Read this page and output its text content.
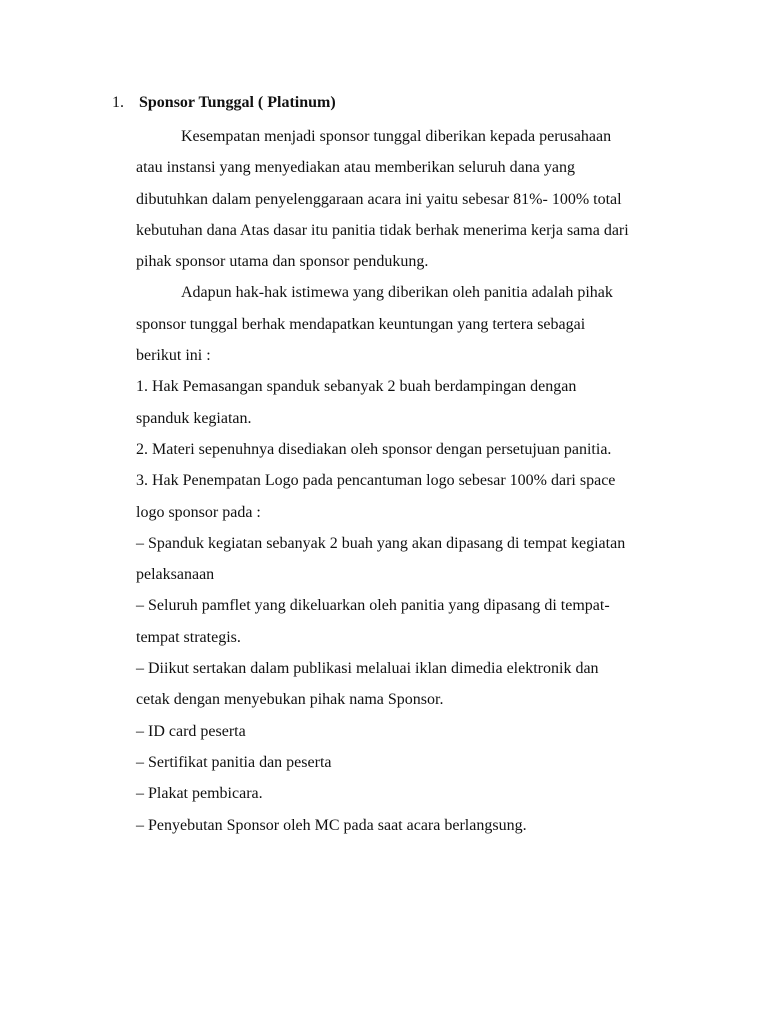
1. Sponsor Tunggal ( Platinum)
Kesempatan menjadi sponsor tunggal diberikan kepada perusahaan
atau instansi yang menyediakan atau memberikan seluruh dana yang
dibutuhkan dalam penyelenggaraan acara ini yaitu sebesar 81%- 100% total
kebutuhan dana Atas dasar itu panitia tidak berhak menerima kerja sama dari
pihak sponsor utama dan sponsor pendukung.
Adapun hak-hak istimewa yang diberikan oleh panitia adalah pihak
sponsor tunggal berhak mendapatkan keuntungan yang tertera sebagai
berikut ini :
1. Hak Pemasangan spanduk sebanyak 2 buah berdampingan dengan
spanduk kegiatan.
2. Materi sepenuhnya disediakan oleh sponsor dengan persetujuan panitia.
3. Hak Penempatan Logo pada pencantuman logo sebesar 100% dari space
logo sponsor pada :
– Spanduk kegiatan sebanyak 2 buah yang akan dipasang di tempat kegiatan
pelaksanaan
– Seluruh pamflet yang dikeluarkan oleh panitia yang dipasang di tempat-
tempat strategis.
– Diikut sertakan dalam publikasi melaluai iklan dimedia elektronik dan
cetak dengan menyebukan pihak nama Sponsor.
– ID card peserta
– Sertifikat panitia dan peserta
– Plakat pembicara.
– Penyebutan Sponsor oleh MC pada saat acara berlangsung.
